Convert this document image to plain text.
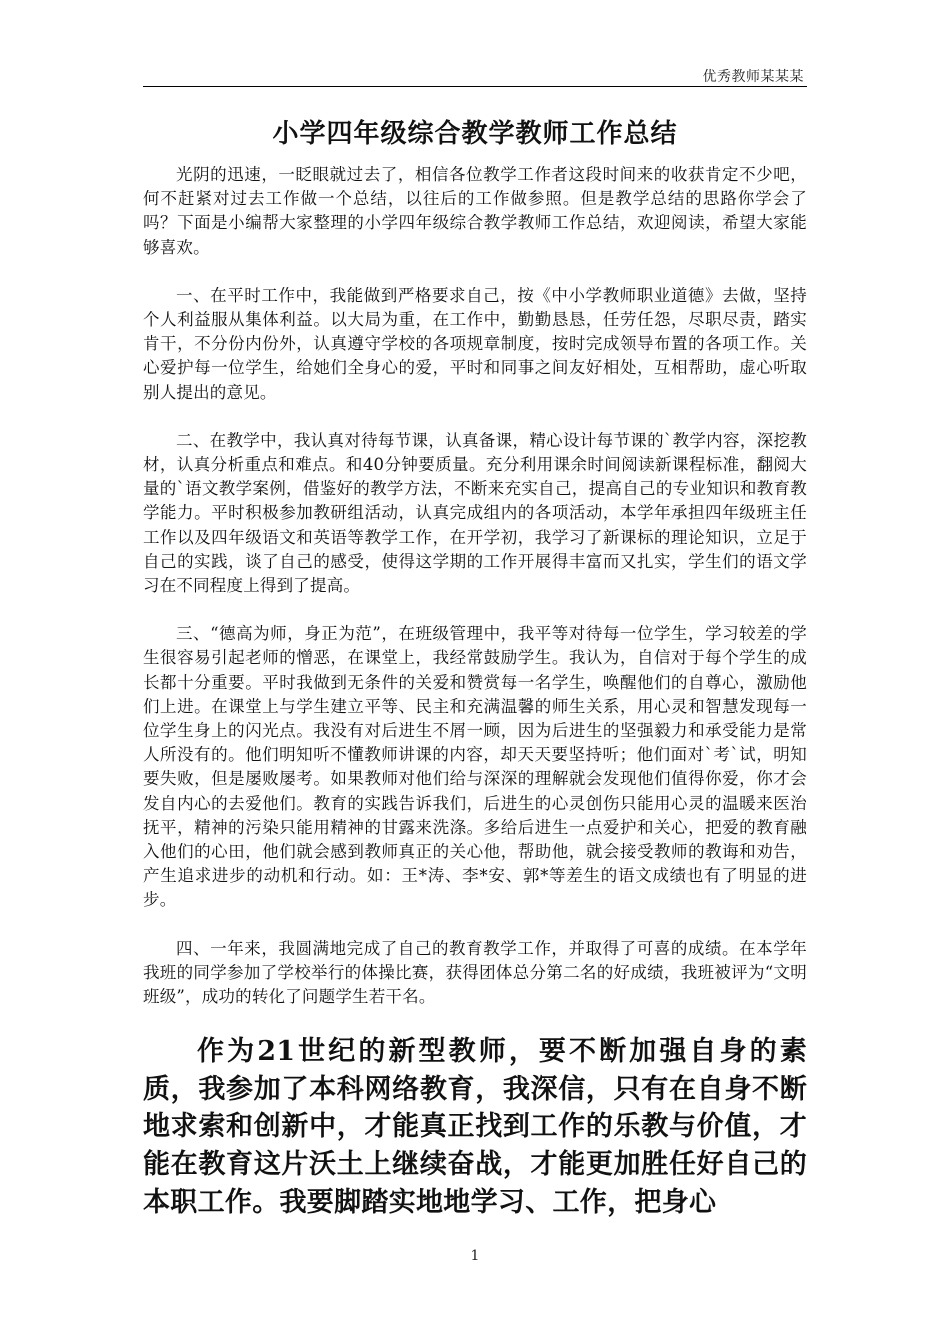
优秀教师某某某
小学四年级综合教学教师工作总结

光阴的迅速，一眨眼就过去了，相信各位教学工作者这段时间来的收获肯定不少吧，何不赶紧对过去工作做一个总结，以往后的工作做参照。但是教学总结的思路你学会了吗？下面是小编帮大家整理的小学四年级综合教学教师工作总结，欢迎阅读，希望大家能够喜欢。

一、在平时工作中，我能做到严格要求自己，按《中小学教师职业道德》去做，坚持个人利益服从集体利益。以大局为重，在工作中，勤勤恳恳，任劳任怨，尽职尽责，踏实肯干，不分份内份外，认真遵守学校的各项规章制度，按时完成领导布置的各项工作。关心爱护每一位学生，给她们全身心的爱，平时和同事之间友好相处，互相帮助，虚心听取别人提出的意见。

二、在教学中，我认真对待每节课，认真备课，精心设计每节课的`教学内容，深挖教材，认真分析重点和难点。和40分钟要质量。充分利用课余时间阅读新课程标准，翻阅大量的`语文教学案例，借鉴好的教学方法，不断来充实自己，提高自己的专业知识和教育教学能力。平时积极参加教研组活动，认真完成组内的各项活动，本学年承担四年级班主任工作以及四年级语文和英语等教学工作，在开学初，我学习了新课标的理论知识，立足于自己的实践，谈了自己的感受，使得这学期的工作开展得丰富而又扎实，学生们的语文学习在不同程度上得到了提高。

三、“德高为师，身正为范”，在班级管理中，我平等对待每一位学生，学习较差的学生很容易引起老师的憎恶，在课堂上，我经常鼓励学生。我认为，自信对于每个学生的成长都十分重要。平时我做到无条件的关爱和赞赏每一名学生，唤醒他们的自尊心，激励他们上进。在课堂上与学生建立平等、民主和充满温馨的师生关系，用心灵和智慧发现每一位学生身上的闪光点。我没有对后进生不屑一顾，因为后进生的坚强毅力和承受能力是常人所没有的。他们明知听不懂教师讲课的内容，却天天要坚持听；他们面对`考`试，明知要失败，但是屡败屡考。如果教师对他们给与深深的理解就会发现他们值得你爱，你才会发自内心的去爱他们。教育的实践告诉我们，后进生的心灵创伤只能用心灵的温暖来医治抚平，精神的污染只能用精神的甘露来洗涤。多给后进生一点爱护和关心，把爱的教育融入他们的心田，他们就会感到教师真正的关心他，帮助他，就会接受教师的教诲和劝告，产生追求进步的动机和行动。如：王*涛、李*安、郭*等差生的语文成绩也有了明显的进步。

四、一年来，我圆满地完成了自己的教育教学工作，并取得了可喜的成绩。在本学年我班的同学参加了学校举行的体操比赛，获得团体总分第二名的好成绩，我班被评为“文明班级”，成功的转化了问题学生若干名。

作为21世纪的新型教师，要不断加强自身的素质，我参加了本科网络教育，我深信，只有在自身不断地求索和创新中，才能真正找到工作的乐教与价值，才能在教育这片沃土上继续奋战，才能更加胜任好自己的本职工作。我要脚踏实地地学习、工作，把身心

1
